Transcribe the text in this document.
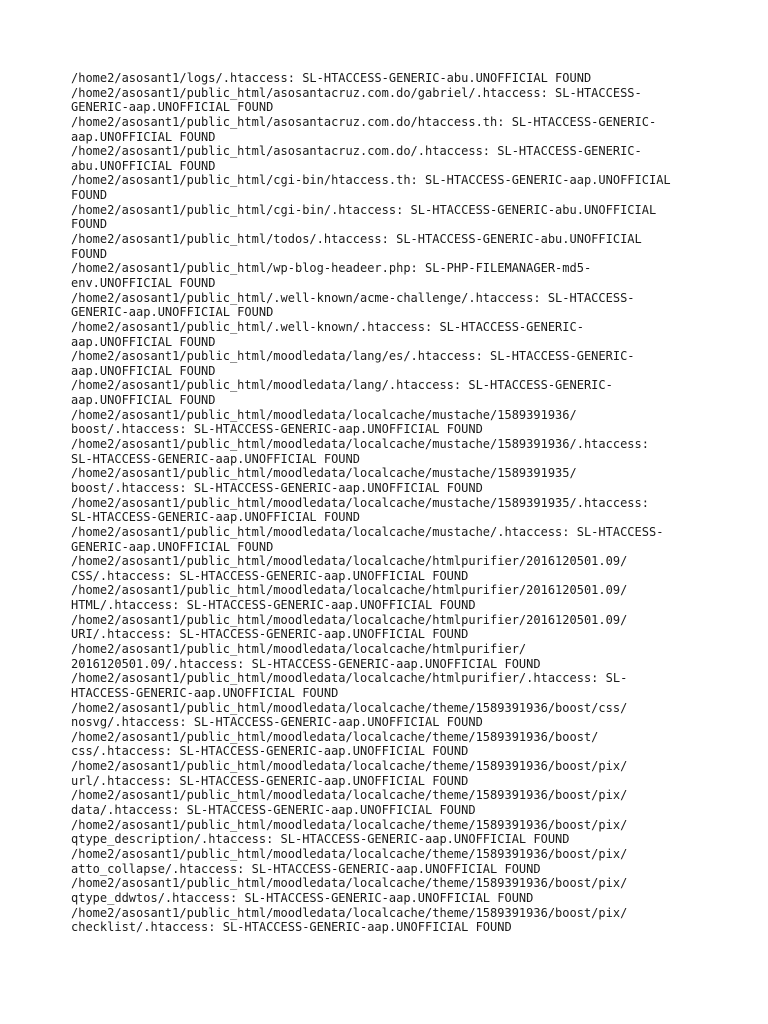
/home2/asosant1/logs/.htaccess: SL-HTACCESS-GENERIC-abu.UNOFFICIAL FOUND
/home2/asosant1/public_html/asosantacruz.com.do/gabriel/.htaccess: SL-HTACCESS-
GENERIC-aap.UNOFFICIAL FOUND
/home2/asosant1/public_html/asosantacruz.com.do/htaccess.th: SL-HTACCESS-GENERIC-
aap.UNOFFICIAL FOUND
/home2/asosant1/public_html/asosantacruz.com.do/.htaccess: SL-HTACCESS-GENERIC-
abu.UNOFFICIAL FOUND
/home2/asosant1/public_html/cgi-bin/htaccess.th: SL-HTACCESS-GENERIC-aap.UNOFFICIAL
FOUND
/home2/asosant1/public_html/cgi-bin/.htaccess: SL-HTACCESS-GENERIC-abu.UNOFFICIAL
FOUND
/home2/asosant1/public_html/todos/.htaccess: SL-HTACCESS-GENERIC-abu.UNOFFICIAL
FOUND
/home2/asosant1/public_html/wp-blog-headeer.php: SL-PHP-FILEMANAGER-md5-
env.UNOFFICIAL FOUND
/home2/asosant1/public_html/.well-known/acme-challenge/.htaccess: SL-HTACCESS-
GENERIC-aap.UNOFFICIAL FOUND
/home2/asosant1/public_html/.well-known/.htaccess: SL-HTACCESS-GENERIC-
aap.UNOFFICIAL FOUND
/home2/asosant1/public_html/moodledata/lang/es/.htaccess: SL-HTACCESS-GENERIC-
aap.UNOFFICIAL FOUND
/home2/asosant1/public_html/moodledata/lang/.htaccess: SL-HTACCESS-GENERIC-
aap.UNOFFICIAL FOUND
/home2/asosant1/public_html/moodledata/localcache/mustache/1589391936/
boost/.htaccess: SL-HTACCESS-GENERIC-aap.UNOFFICIAL FOUND
/home2/asosant1/public_html/moodledata/localcache/mustache/1589391936/.htaccess:
SL-HTACCESS-GENERIC-aap.UNOFFICIAL FOUND
/home2/asosant1/public_html/moodledata/localcache/mustache/1589391935/
boost/.htaccess: SL-HTACCESS-GENERIC-aap.UNOFFICIAL FOUND
/home2/asosant1/public_html/moodledata/localcache/mustache/1589391935/.htaccess:
SL-HTACCESS-GENERIC-aap.UNOFFICIAL FOUND
/home2/asosant1/public_html/moodledata/localcache/mustache/.htaccess: SL-HTACCESS-
GENERIC-aap.UNOFFICIAL FOUND
/home2/asosant1/public_html/moodledata/localcache/htmlpurifier/2016120501.09/
CSS/.htaccess: SL-HTACCESS-GENERIC-aap.UNOFFICIAL FOUND
/home2/asosant1/public_html/moodledata/localcache/htmlpurifier/2016120501.09/
HTML/.htaccess: SL-HTACCESS-GENERIC-aap.UNOFFICIAL FOUND
/home2/asosant1/public_html/moodledata/localcache/htmlpurifier/2016120501.09/
URI/.htaccess: SL-HTACCESS-GENERIC-aap.UNOFFICIAL FOUND
/home2/asosant1/public_html/moodledata/localcache/htmlpurifier/
2016120501.09/.htaccess: SL-HTACCESS-GENERIC-aap.UNOFFICIAL FOUND
/home2/asosant1/public_html/moodledata/localcache/htmlpurifier/.htaccess: SL-
HTACCESS-GENERIC-aap.UNOFFICIAL FOUND
/home2/asosant1/public_html/moodledata/localcache/theme/1589391936/boost/css/
nosvg/.htaccess: SL-HTACCESS-GENERIC-aap.UNOFFICIAL FOUND
/home2/asosant1/public_html/moodledata/localcache/theme/1589391936/boost/
css/.htaccess: SL-HTACCESS-GENERIC-aap.UNOFFICIAL FOUND
/home2/asosant1/public_html/moodledata/localcache/theme/1589391936/boost/pix/
url/.htaccess: SL-HTACCESS-GENERIC-aap.UNOFFICIAL FOUND
/home2/asosant1/public_html/moodledata/localcache/theme/1589391936/boost/pix/
data/.htaccess: SL-HTACCESS-GENERIC-aap.UNOFFICIAL FOUND
/home2/asosant1/public_html/moodledata/localcache/theme/1589391936/boost/pix/
qtype_description/.htaccess: SL-HTACCESS-GENERIC-aap.UNOFFICIAL FOUND
/home2/asosant1/public_html/moodledata/localcache/theme/1589391936/boost/pix/
atto_collapse/.htaccess: SL-HTACCESS-GENERIC-aap.UNOFFICIAL FOUND
/home2/asosant1/public_html/moodledata/localcache/theme/1589391936/boost/pix/
qtype_ddwtos/.htaccess: SL-HTACCESS-GENERIC-aap.UNOFFICIAL FOUND
/home2/asosant1/public_html/moodledata/localcache/theme/1589391936/boost/pix/
checklist/.htaccess: SL-HTACCESS-GENERIC-aap.UNOFFICIAL FOUND
